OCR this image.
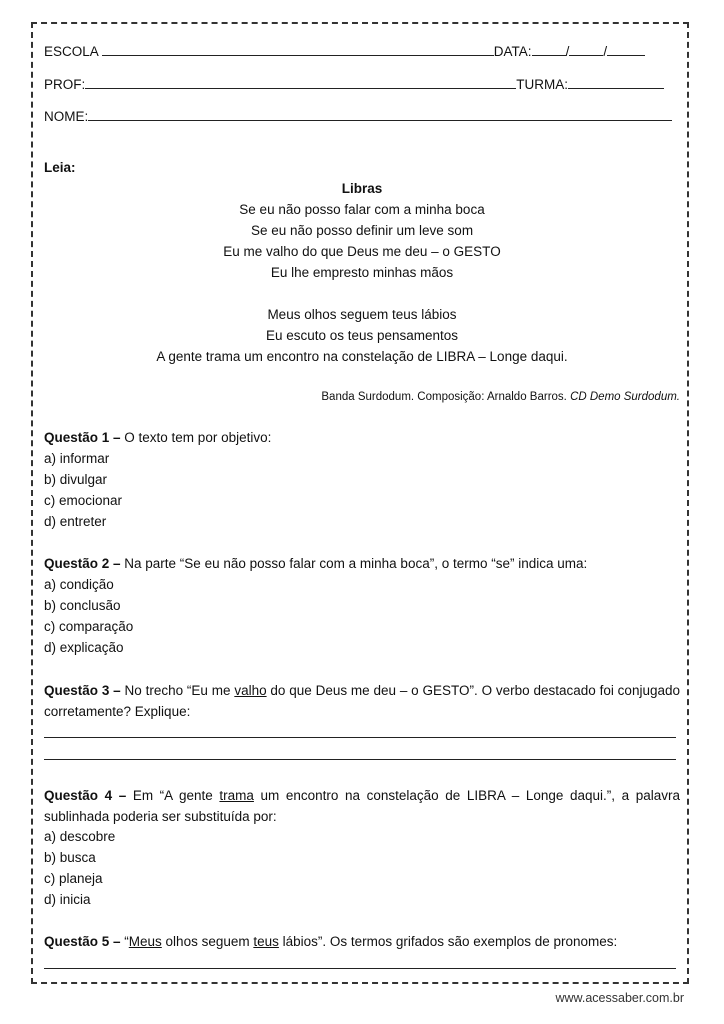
ESCOLA	DATA:	/	/
PROF:	TURMA:
NOME:
Leia:
Libras
Se eu não posso falar com a minha boca
Se eu não posso definir um leve som
Eu me valho do que Deus me deu – o GESTO
Eu lhe empresto minhas mãos
Meus olhos seguem teus lábios
Eu escuto os teus pensamentos
A gente trama um encontro na constelação de LIBRA – Longe daqui.
Banda Surdodum. Composição: Arnaldo Barros. CD Demo Surdodum.
Questão 1 – O texto tem por objetivo:
a) informar
b) divulgar
c) emocionar
d) entreter
Questão 2 – Na parte “Se eu não posso falar com a minha boca”, o termo “se” indica uma:
a) condição
b) conclusão
c) comparação
d) explicação
Questão 3 – No trecho “Eu me valho do que Deus me deu – o GESTO”. O verbo destacado foi conjugado corretamente? Explique:
Questão 4 – Em “A gente trama um encontro na constelação de LIBRA – Longe daqui.”, a palavra sublinhada poderia ser substituída por:
a) descobre
b) busca
c) planeja
d) inicia
Questão 5 – “Meus olhos seguem teus lábios”. Os termos grifados são exemplos de pronomes:
www.acessaber.com.br
